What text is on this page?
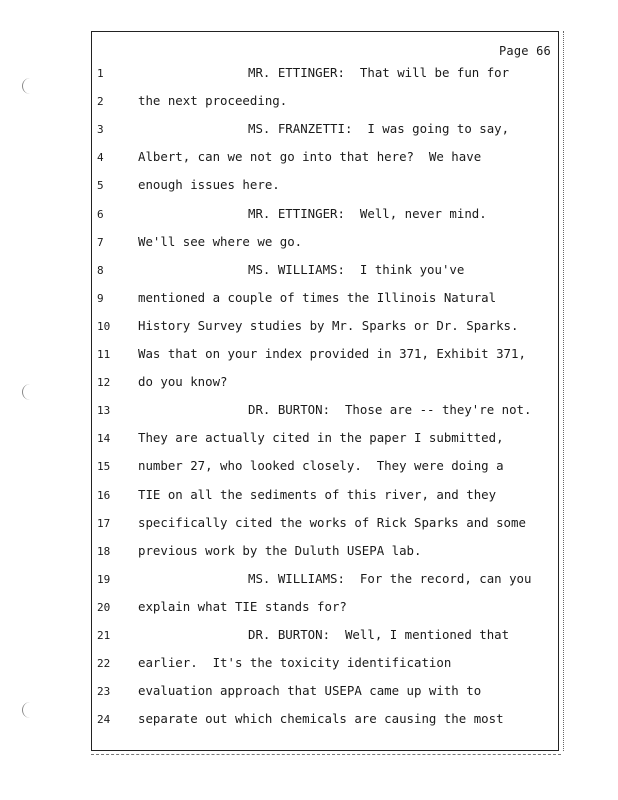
Page 66
1	MR. ETTINGER:  That will be fun for
2	the next proceeding.
3	MS. FRANZETTI:  I was going to say,
4	Albert, can we not go into that here?  We have
5	enough issues here.
6	MR. ETTINGER:  Well, never mind.
7	We'll see where we go.
8	MS. WILLIAMS:  I think you've
9	mentioned a couple of times the Illinois Natural
10	History Survey studies by Mr. Sparks or Dr. Sparks.
11	Was that on your index provided in 371, Exhibit 371,
12	do you know?
13	DR. BURTON:  Those are -- they're not.
14	They are actually cited in the paper I submitted,
15	number 27, who looked closely.  They were doing a
16	TIE on all the sediments of this river, and they
17	specifically cited the works of Rick Sparks and some
18	previous work by the Duluth USEPA lab.
19	MS. WILLIAMS:  For the record, can you
20	explain what TIE stands for?
21	DR. BURTON:  Well, I mentioned that
22	earlier.  It's the toxicity identification
23	evaluation approach that USEPA came up with to
24	separate out which chemicals are causing the most
